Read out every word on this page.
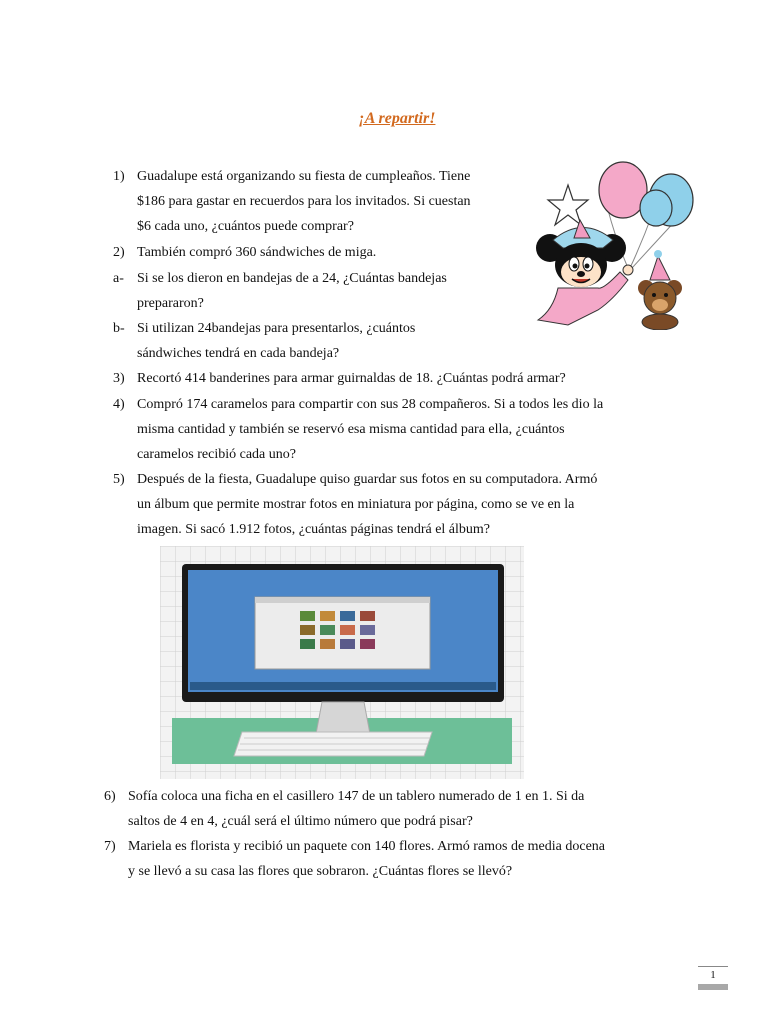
¡A repartir!
1) Guadalupe está organizando su fiesta de cumpleaños. Tiene
$186 para gastar en recuerdos para los invitados. Si cuestan
$6 cada uno, ¿cuántos puede comprar?
2) También compró 360 sándwiches de miga.
a- Si se los dieron en bandejas de a 24, ¿Cuántas bandejas
prepararon?
b- Si utilizan 24bandejas para presentarlos, ¿cuántos
sándwiches tendrá en cada bandeja?
3) Recortó 414 banderines para armar guirnaldas de 18. ¿Cuántas podrá armar?
4) Compró 174 caramelos para compartir con sus 28 compañeros. Si a todos les dio la
misma cantidad y también se reservó esa misma cantidad para ella, ¿cuántos
caramelos recibió cada uno?
5) Después de la fiesta, Guadalupe quiso guardar sus fotos en su computadora. Armó
un álbum que permite mostrar fotos en miniatura por página, como se ve en la
imagen. Si sacó 1.912 fotos, ¿cuántas páginas tendrá el álbum?
6) Sofía coloca una ficha en el casillero 147 de un tablero numerado de 1 en 1. Si da
saltos de 4 en 4, ¿cuál será el último número que podrá pisar?
7) Mariela es florista y recibió un paquete con 140 flores. Armó ramos de media docena
y se llevó a su casa las flores que sobraron. ¿Cuántas flores se llevó?
1
